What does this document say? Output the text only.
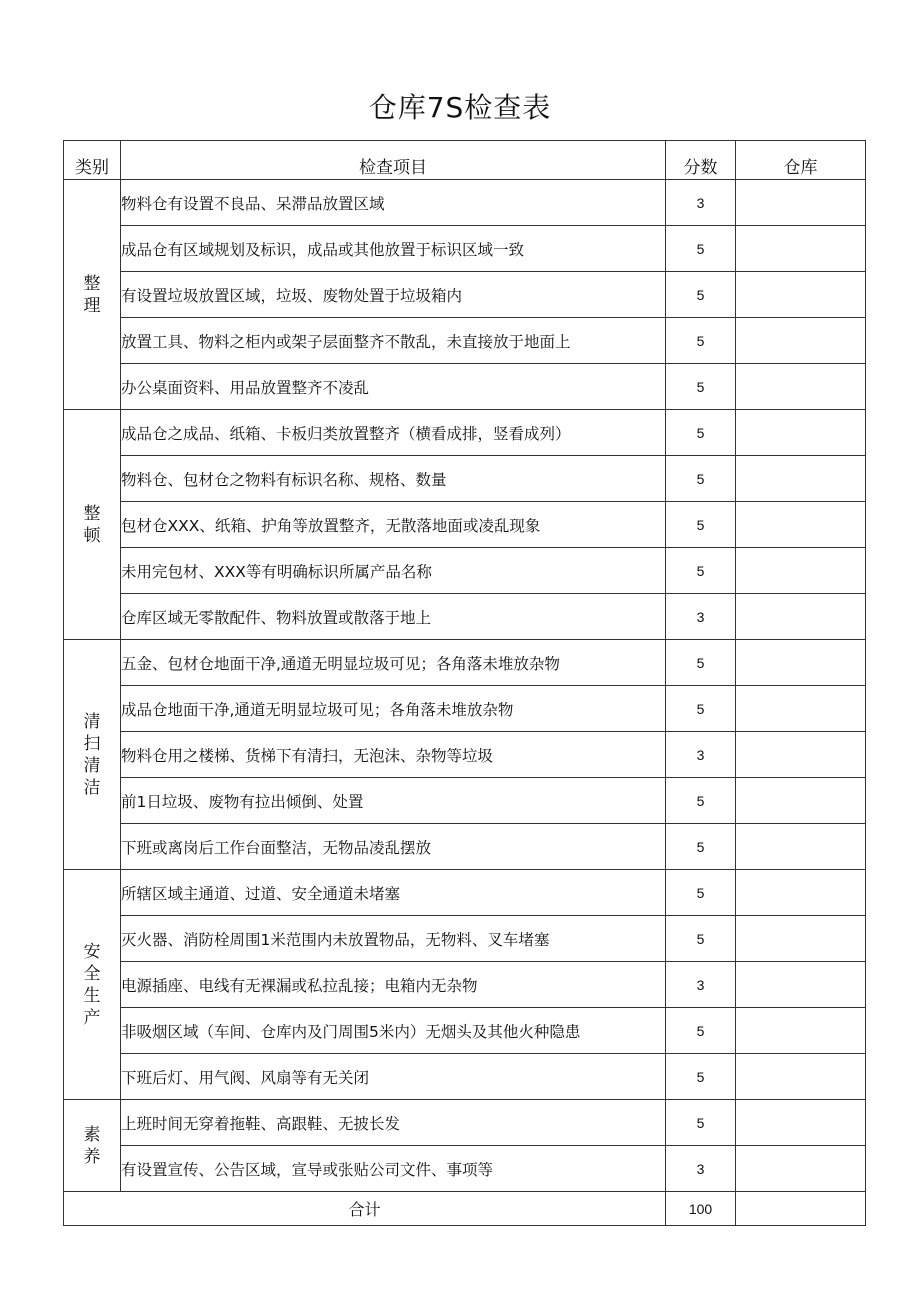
仓库7S检查表
类别	检查项目	分数	仓库
整理	物料仓有设置不良品、呆滞品放置区域	3	
	成品仓有区域规划及标识，成品或其他放置于标识区域一致	5	
	有设置垃圾放置区域，垃圾、废物处置于垃圾箱内	5	
	放置工具、物料之柜内或架子层面整齐不散乱，未直接放于地面上	5	
	办公桌面资料、用品放置整齐不凌乱	5	
整顿	成品仓之成品、纸箱、卡板归类放置整齐（横看成排，竖看成列）	5	
	物料仓、包材仓之物料有标识名称、规格、数量	5	
	包材仓XXX、纸箱、护角等放置整齐，无散落地面或凌乱现象	5	
	未用完包材、XXX等有明确标识所属产品名称	5	
	仓库区域无零散配件、物料放置或散落于地上	3	
清扫清洁	五金、包材仓地面干净,通道无明显垃圾可见；各角落未堆放杂物	5	
	成品仓地面干净,通道无明显垃圾可见；各角落未堆放杂物	5	
	物料仓用之楼梯、货梯下有清扫，无泡沫、杂物等垃圾	3	
	前1日垃圾、废物有拉出倾倒、处置	5	
	下班或离岗后工作台面整洁，无物品凌乱摆放	5	
安全生产	所辖区域主通道、过道、安全通道未堵塞	5	
	灭火器、消防栓周围1米范围内未放置物品，无物料、叉车堵塞	5	
	电源插座、电线有无裸漏或私拉乱接；电箱内无杂物	3	
	非吸烟区域（车间、仓库内及门周围5米内）无烟头及其他火种隐患	5	
	下班后灯、用气阀、风扇等有无关闭	5	
素养	上班时间无穿着拖鞋、高跟鞋、无披长发	5	
	有设置宣传、公告区域，宣导或张贴公司文件、事项等	3	
合计		100	
